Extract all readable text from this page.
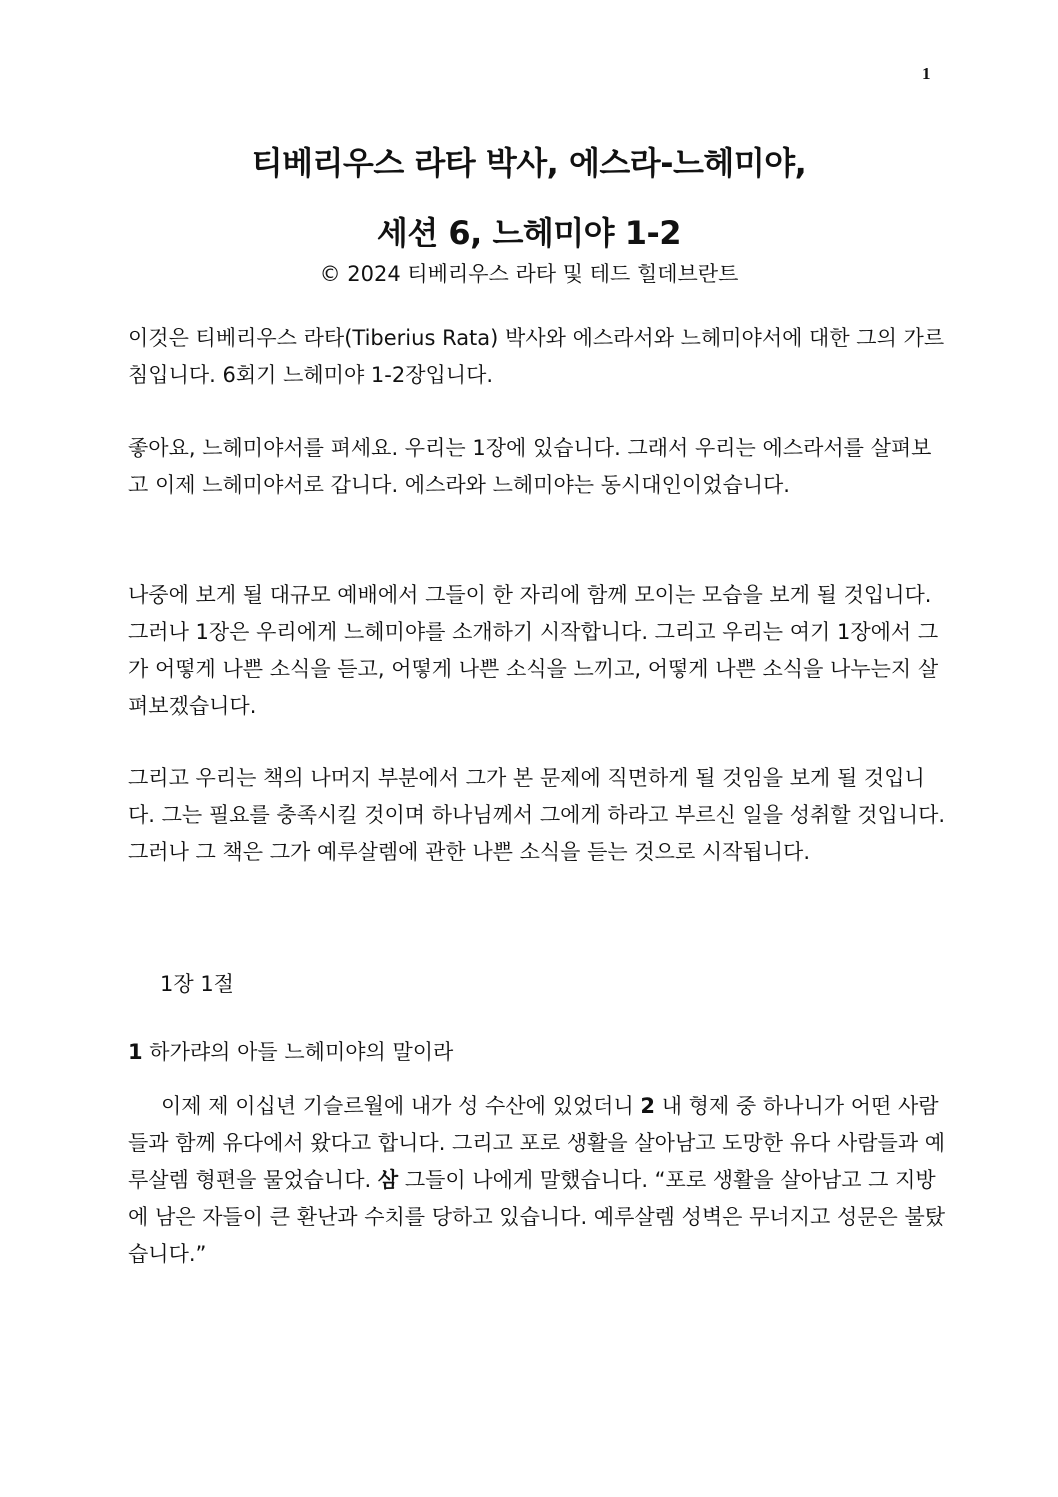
1
티베리우스 라타 박사, 에스라-느헤미야,
세션 6, 느헤미야 1-2
© 2024 티베리우스 라타 및 테드 힐데브란트

이것은 티베리우스 라타(Tiberius Rata) 박사와 에스라서와 느헤미야서에 대한 그의 가르침입니다. 6회기 느헤미야 1-2장입니다.

좋아요, 느헤미야서를 펴세요. 우리는 1장에 있습니다. 그래서 우리는 에스라서를 살펴보고 이제 느헤미야서로 갑니다. 에스라와 느헤미야는 동시대인이었습니다.

나중에 보게 될 대규모 예배에서 그들이 한 자리에 함께 모이는 모습을 보게 될 것입니다. 그러나 1장은 우리에게 느헤미야를 소개하기 시작합니다. 그리고 우리는 여기 1장에서 그가 어떻게 나쁜 소식을 듣고, 어떻게 나쁜 소식을 느끼고, 어떻게 나쁜 소식을 나누는지 살펴보겠습니다.

그리고 우리는 책의 나머지 부분에서 그가 본 문제에 직면하게 될 것임을 보게 될 것입니다. 그는 필요를 충족시킬 것이며 하나님께서 그에게 하라고 부르신 일을 성취할 것입니다. 그러나 그 책은 그가 예루살렘에 관한 나쁜 소식을 듣는 것으로 시작됩니다.

1장 1절
1 하가랴의 아들 느헤미야의 말이라

이제 제 이십년 기슬르월에 내가 성 수산에 있었더니 2 내 형제 중 하나니가 어떤 사람들과 함께 유다에서 왔다고 합니다. 그리고 포로 생활을 살아남고 도망한 유다 사람들과 예루살렘 형편을 물었습니다. 삼 그들이 나에게 말했습니다. “포로 생활을 살아남고 그 지방에 남은 자들이 큰 환난과 수치를 당하고 있습니다. 예루살렘 성벽은 무너지고 성문은 불탔습니다.”
